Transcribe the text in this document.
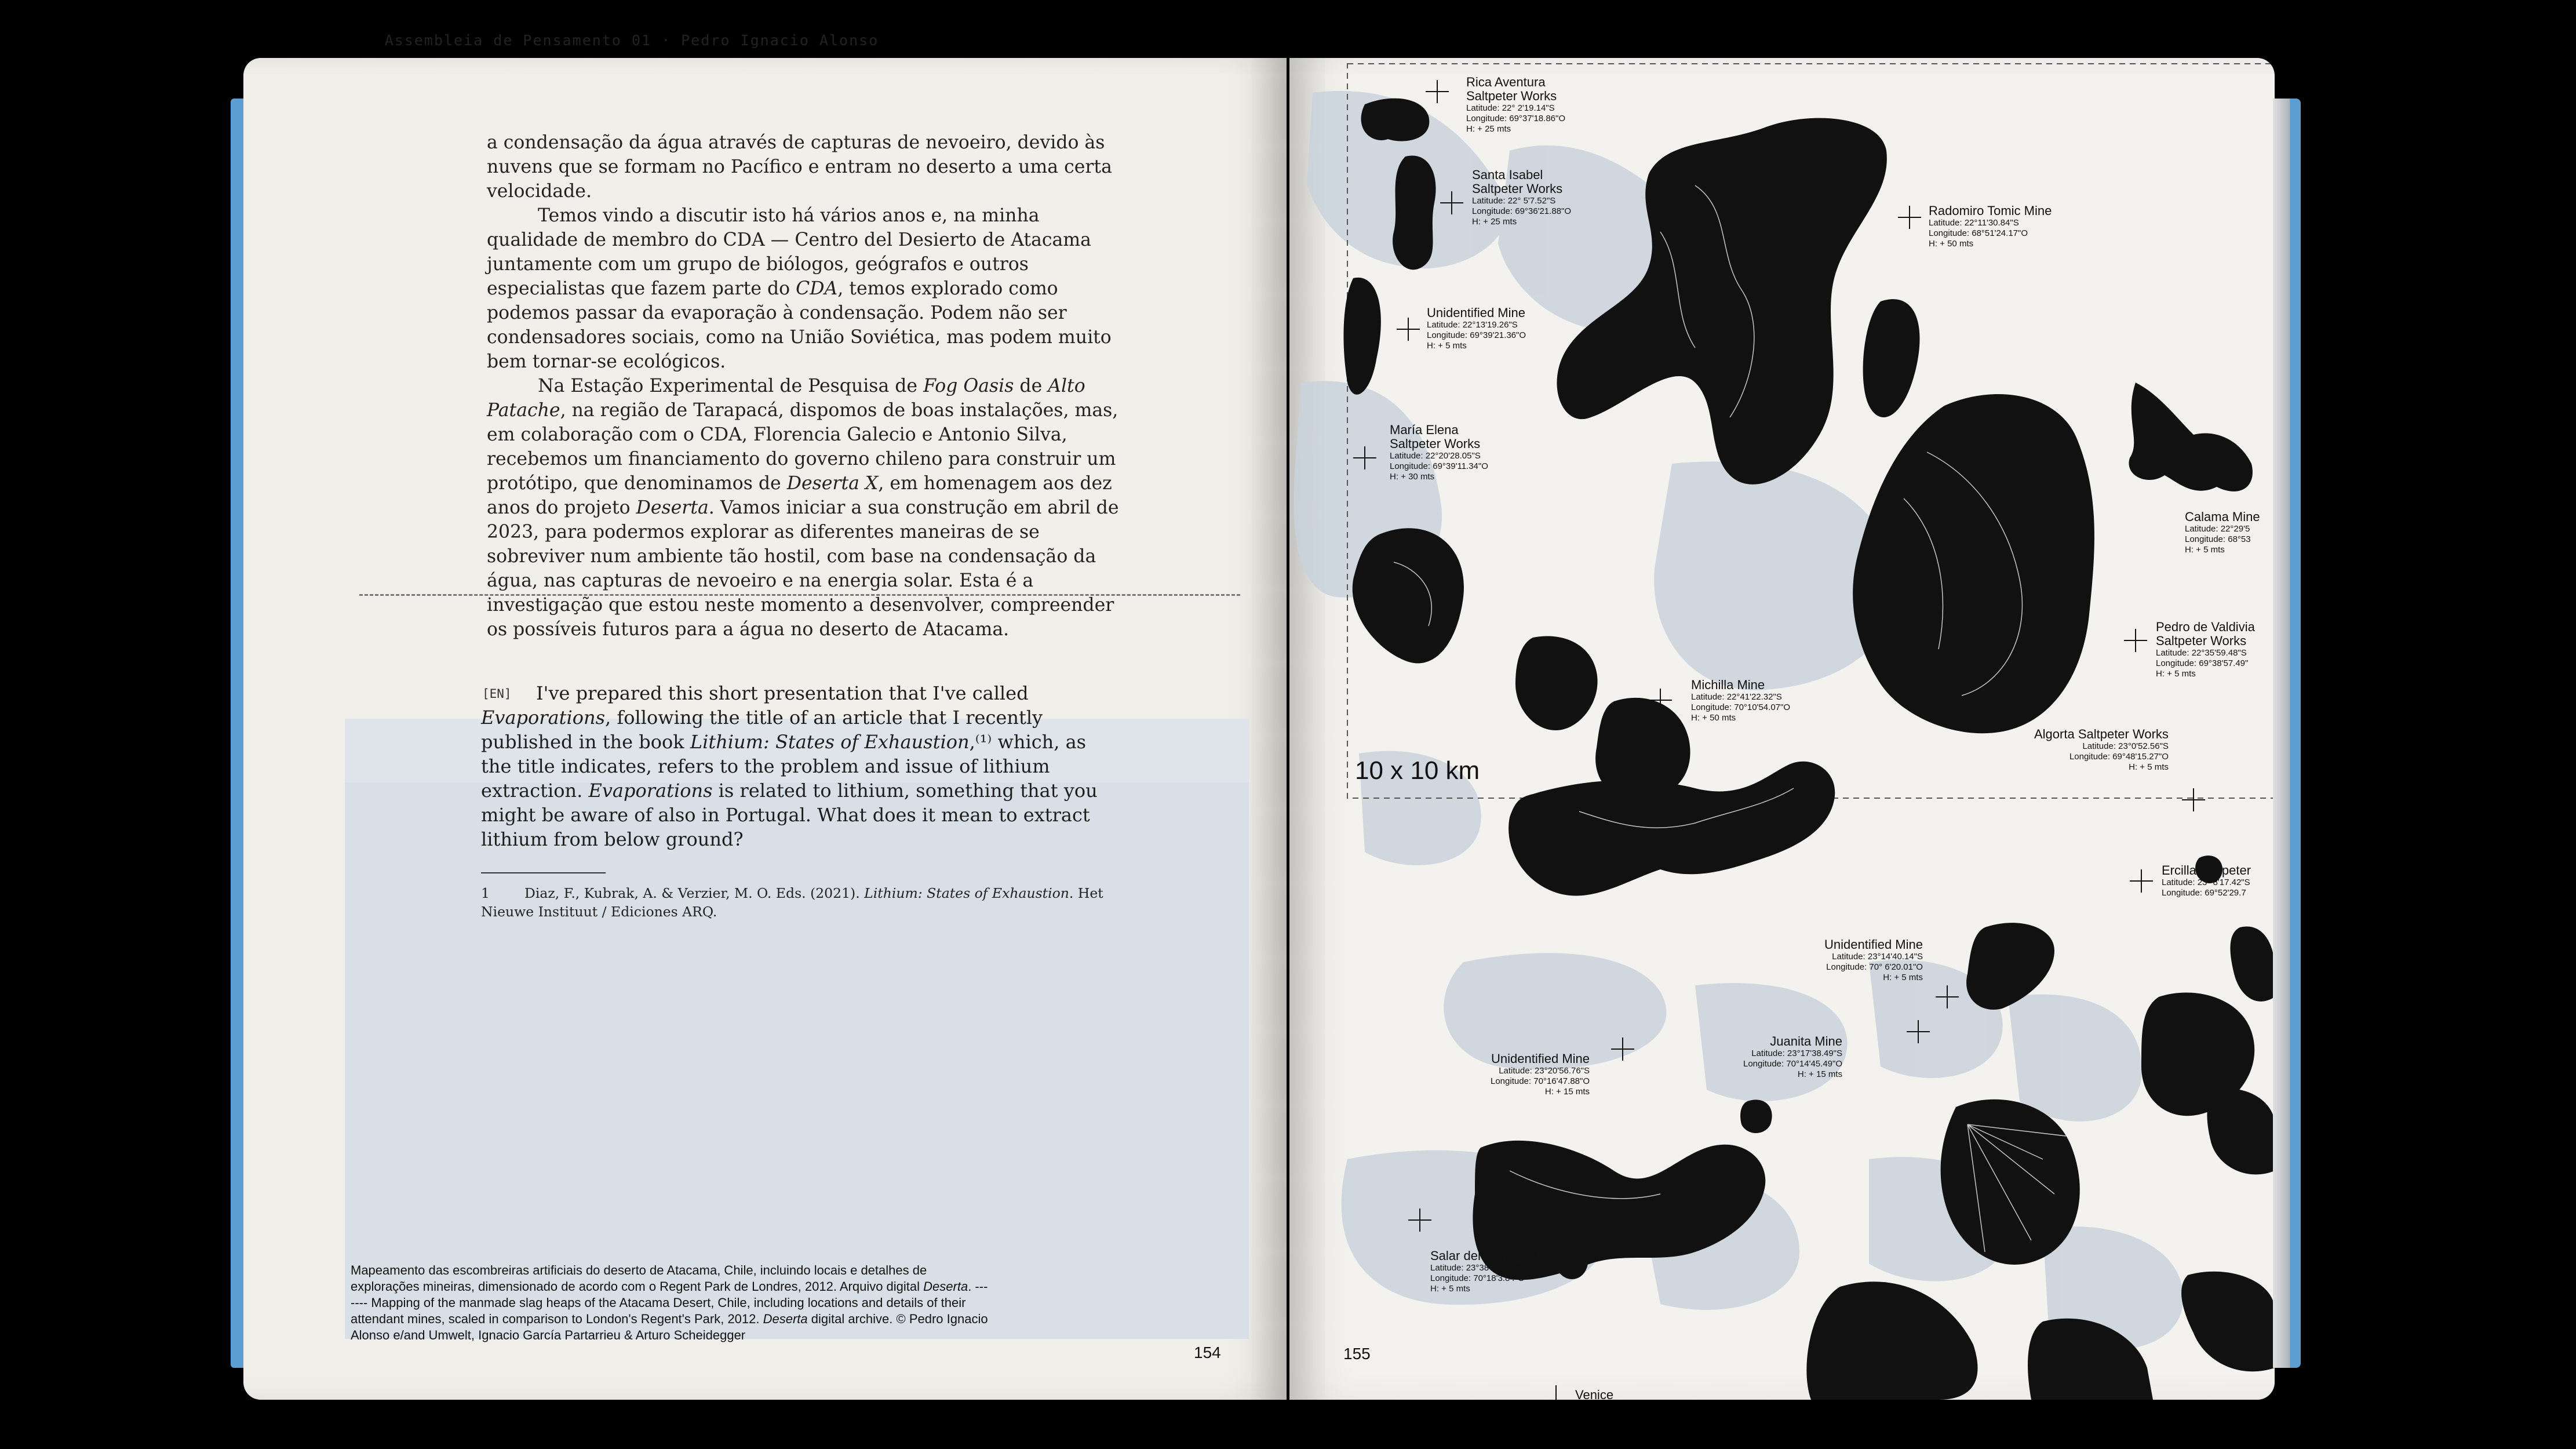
Assembleia de Pensamento 01 · Pedro Ignacio Alonso

a condensação da água através de capturas de nevoeiro, devido às nuvens que se formam no Pacífico e entram no deserto a uma certa velocidade.

Temos vindo a discutir isto há vários anos e, na minha qualidade de membro do CDA — Centro del Desierto de Atacama juntamente com um grupo de biólogos, geógrafos e outros especialistas que fazem parte do CDA, temos explorado como podemos passar da evaporação à condensação. Podem não ser condensadores sociais, como na União Soviética, mas podem muito bem tornar-se ecológicos.

Na Estação Experimental de Pesquisa de Fog Oasis de Alto Patache, na região de Tarapacá, dispomos de boas instalações, mas, em colaboração com o CDA, Florencia Galecio e Antonio Silva, recebemos um financiamento do governo chileno para construir um protótipo, que denominamos de Deserta X, em homenagem aos dez anos do projeto Deserta. Vamos iniciar a sua construção em abril de 2023, para podermos explorar as diferentes maneiras de se sobreviver num ambiente tão hostil, com base na condensação da água, nas capturas de nevoeiro e na energia solar. Esta é a investigação que estou neste momento a desenvolver, compreender os possíveis futuros para a água no deserto de Atacama.

[EN]	I've prepared this short presentation that I've called Evaporations, following the title of an article that I recently published in the book Lithium: States of Exhaustion,⁽¹⁾ which, as the title indicates, refers to the problem and issue of lithium extraction. Evaporations is related to lithium, something that you might be aware of also in Portugal. What does it mean to extract lithium from below ground?

1	Diaz, F., Kubrak, A. & Verzier, M. O. Eds. (2021). Lithium: States of Exhaustion. Het Nieuwe Instituut / Ediciones ARQ.
Mapeamento das escombreiras artificiais do deserto de Atacama, Chile, incluindo locais e detalhes de explorações mineiras, dimensionado de acordo com o Regent Park de Londres, 2012. Arquivo digital Deserta. ------- Mapping of the manmade slag heaps of the Atacama Desert, Chile, including locations and details of their attendant mines, scaled in comparison to London's Regent's Park, 2012. Deserta digital archive. © Pedro Ignacio Alonso e/and Umwelt, Ignacio García Partarrieu & Arturo Scheidegger
154
Rica Aventura Saltpeter Works
Latitude: 22° 2'19.14"S
Longitude: 69°37'18.86"O
H: + 25 mts
Santa Isabel Saltpeter Works
Latitude: 22° 5'7.52"S
Longitude: 69°36'21.88"O
H: + 25 mts
Radomiro Tomic Mine
Latitude: 22°11'30.84"S
Longitude: 68°51'24.17"O
H: + 50 mts
Unidentified Mine
Latitude: 22°13'19.26"S
Longitude: 69°39'21.36"O
H: + 5 mts
María Elena Saltpeter Works
Latitude: 22°20'28.05"S
Longitude: 69°39'11.34"O
H: + 30 mts
Calama Mine
Latitude: 22°29'5
Longitude: 68°53
H: + 5 mts
Pedro de Valdivia Saltpeter Works
Latitude: 22°35'59.48"S
Longitude: 69°38'57.49"
H: + 5 mts
Michilla Mine
Latitude: 22°41'22.32"S
Longitude: 70°10'54.07"O
H: + 50 mts
Algorta Saltpeter Works
Latitude: 23°0'52.56"S
Longitude: 69°48'15.27"O
H: + 5 mts
Ercilla Saltpeter
Latitude: 23° 8'17.42"S
Longitude: 69°52'29.7
Unidentified Mine
Latitude: 23°14'40.14"S
Longitude: 70° 6'20.01"O
H: + 5 mts
Juanita Mine
Latitude: 23°17'38.49"S
Longitude: 70°14'45.49"O
H: + 15 mts
Unidentified Mine
Latitude: 23°20'56.76"S
Longitude: 70°16'47.88"O
H: + 15 mts
Salar del Carmen Mine
Latitude: 23°38'16.89"S
Longitude: 70°18'3.84"O
H: + 5 mts
Venice
10 x 10 km
155
